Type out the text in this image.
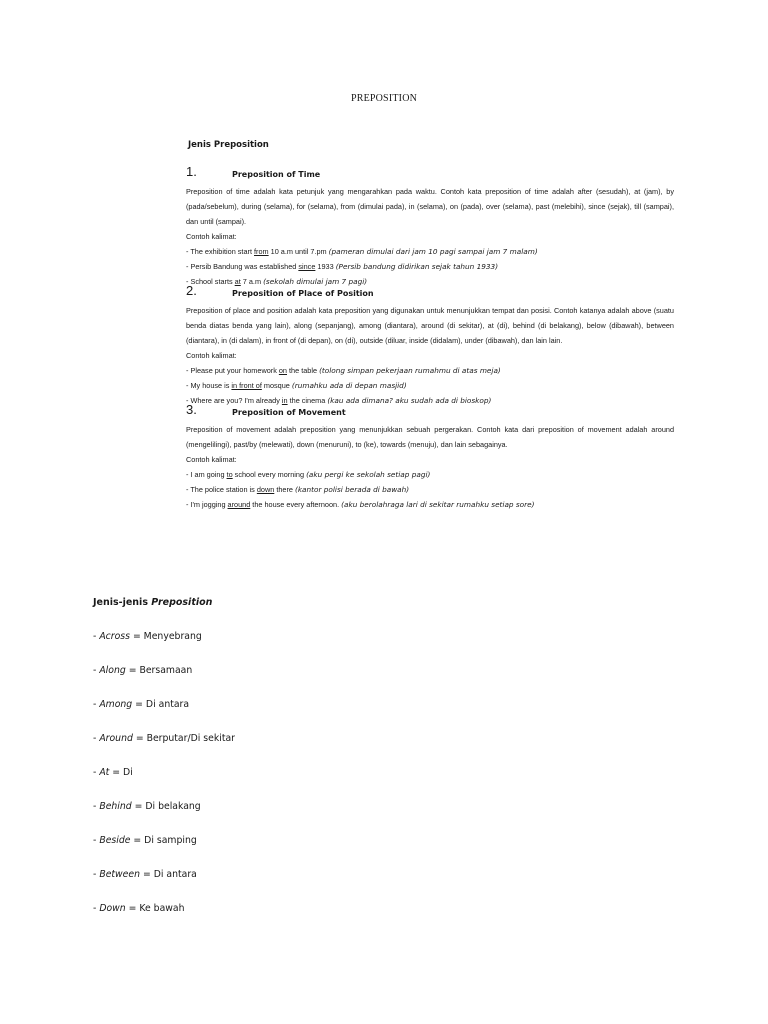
PREPOSITION
Jenis Preposition
1.	Preposition of Time

Preposition of time adalah kata petunjuk yang mengarahkan pada waktu. Contoh kata preposition of time adalah after (sesudah), at (jam), by (pada/sebelum), during (selama), for (selama), from (dimulai pada), in (selama), on (pada), over (selama), past (melebihi), since (sejak), till (sampai), dan until (sampai).

Contoh kalimat:
- The exhibition start from 10 a.m until 7.pm (pameran dimulai dari jam 10 pagi sampai jam 7 malam)
- Persib Bandung was established since 1933 (Persib bandung didirikan sejak tahun 1933)
- School starts at 7 a.m (sekolah dimulai jam 7 pagi)
2.	Preposition of Place of Position

Preposition of place and position adalah kata preposition yang digunakan untuk menunjukkan tempat dan posisi. Contoh katanya adalah above (suatu benda diatas benda yang lain), along (sepanjang), among (diantara), around (di sekitar), at (di), behind (di belakang), below (dibawah), between (diantara), in (di dalam), in front of (di depan), on (di), outside (diluar, inside (didalam), under (dibawah), dan lain lain.

Contoh kalimat:
- Please put your homework on the table (tolong simpan pekerjaan rumahmu di atas meja)
- My house is in front of mosque (rumahku ada di depan masjid)
- Where are you? I'm already in the cinema (kau ada dimana? aku sudah ada di bioskop)
3.	Preposition of Movement

Preposition of movement adalah preposition yang menunjukkan sebuah pergerakan. Contoh kata dari preposition of movement adalah around (mengelilingi), past/by (melewati), down (menuruni), to (ke), towards (menuju), dan lain sebagainya.

Contoh kalimat:
- I am going to school every morning (aku pergi ke sekolah setiap pagi)
- The police station is down there (kantor polisi berada di bawah)
- I'm jogging around the house every afternoon. (aku berolahraga lari di sekitar rumahku setiap sore)
Jenis-jenis Preposition
- Across = Menyebrang
- Along = Bersamaan
- Among = Di antara
- Around = Berputar/Di sekitar
- At = Di
- Behind = Di belakang
- Beside = Di samping
- Between = Di antara
- Down = Ke bawah
